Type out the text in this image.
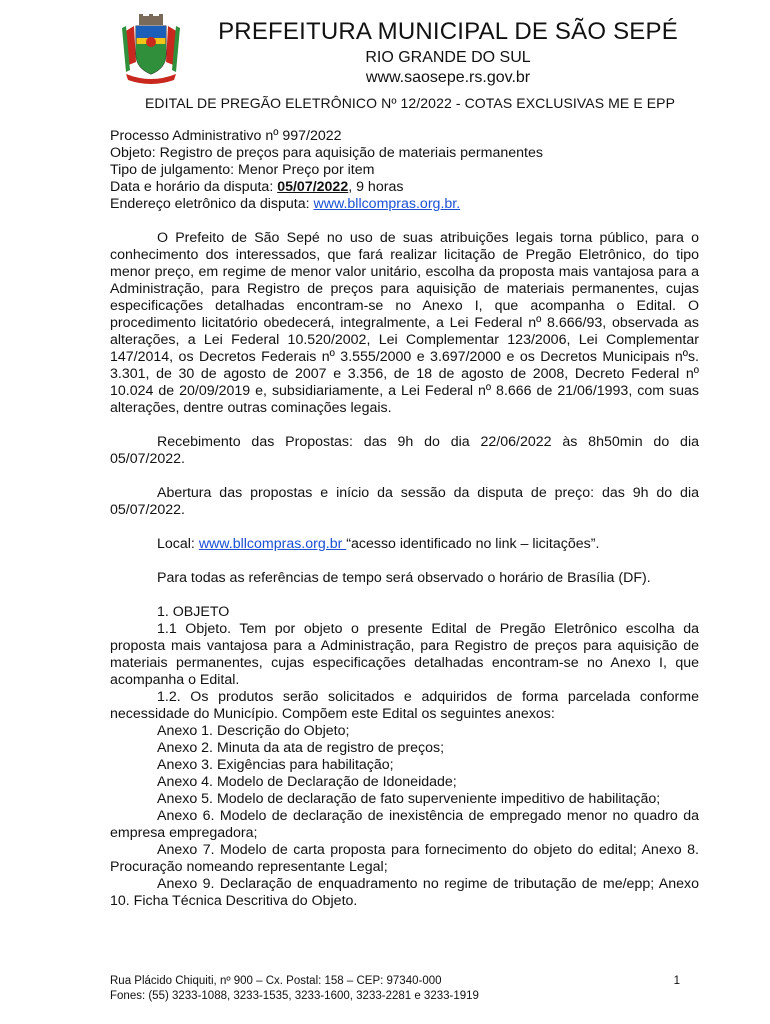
PREFEITURA MUNICIPAL DE SÃO SEPÉ
RIO GRANDE DO SUL
www.saosepe.rs.gov.br
EDITAL DE PREGÃO ELETRÔNICO Nº 12/2022 - COTAS EXCLUSIVAS ME E EPP

Processo Administrativo nº 997/2022

Objeto: Registro de preços para aquisição de materiais permanentes

Tipo de julgamento: Menor Preço por item

Data e horário da disputa: 05/07/2022, 9 horas

Endereço eletrônico da disputa: www.bllcompras.org.br.

O Prefeito de São Sepé no uso de suas atribuições legais torna público, para o conhecimento dos interessados, que fará realizar licitação de Pregão Eletrônico, do tipo menor preço, em regime de menor valor unitário, escolha da proposta mais vantajosa para a Administração, para Registro de preços para aquisição de materiais permanentes, cujas especificações detalhadas encontram-se no Anexo I, que acompanha o Edital. O procedimento licitatório obedecerá, integralmente, a Lei Federal nº 8.666/93, observada as alterações, a Lei Federal 10.520/2002, Lei Complementar 123/2006, Lei Complementar 147/2014, os Decretos Federais nº 3.555/2000 e 3.697/2000 e os Decretos Municipais nºs. 3.301, de 30 de agosto de 2007 e 3.356, de 18 de agosto de 2008, Decreto Federal nº 10.024 de 20/09/2019 e, subsidiariamente, a Lei Federal nº 8.666 de 21/06/1993, com suas alterações, dentre outras cominações legais.

Recebimento das Propostas: das 9h do dia 22/06/2022 às 8h50min do dia 05/07/2022.

Abertura das propostas e início da sessão da disputa de preço: das 9h do dia 05/07/2022.

Local: www.bllcompras.org.br “acesso identificado no link – licitações”.

Para todas as referências de tempo será observado o horário de Brasília (DF).

1. OBJETO

1.1 Objeto. Tem por objeto o presente Edital de Pregão Eletrônico escolha da proposta mais vantajosa para a Administração, para Registro de preços para aquisição de materiais permanentes, cujas especificações detalhadas encontram-se no Anexo I, que acompanha o Edital.

1.2. Os produtos serão solicitados e adquiridos de forma parcelada conforme necessidade do Município. Compõem este Edital os seguintes anexos:

Anexo 1. Descrição do Objeto;

Anexo 2. Minuta da ata de registro de preços;

Anexo 3. Exigências para habilitação;

Anexo 4. Modelo de Declaração de Idoneidade;

Anexo 5. Modelo de declaração de fato superveniente impeditivo de habilitação;

Anexo 6. Modelo de declaração de inexistência de empregado menor no quadro da empresa empregadora;

Anexo 7. Modelo de carta proposta para fornecimento do objeto do edital; Anexo 8. Procuração nomeando representante Legal;

Anexo 9. Declaração de enquadramento no regime de tributação de me/epp; Anexo 10. Ficha Técnica Descritiva do Objeto.

Rua Plácido Chiquiti, nº 900 – Cx. Postal: 158 – CEP: 97340-000
Fones: (55) 3233-1088, 3233-1535, 3233-1600, 3233-2281 e 3233-1919
1
